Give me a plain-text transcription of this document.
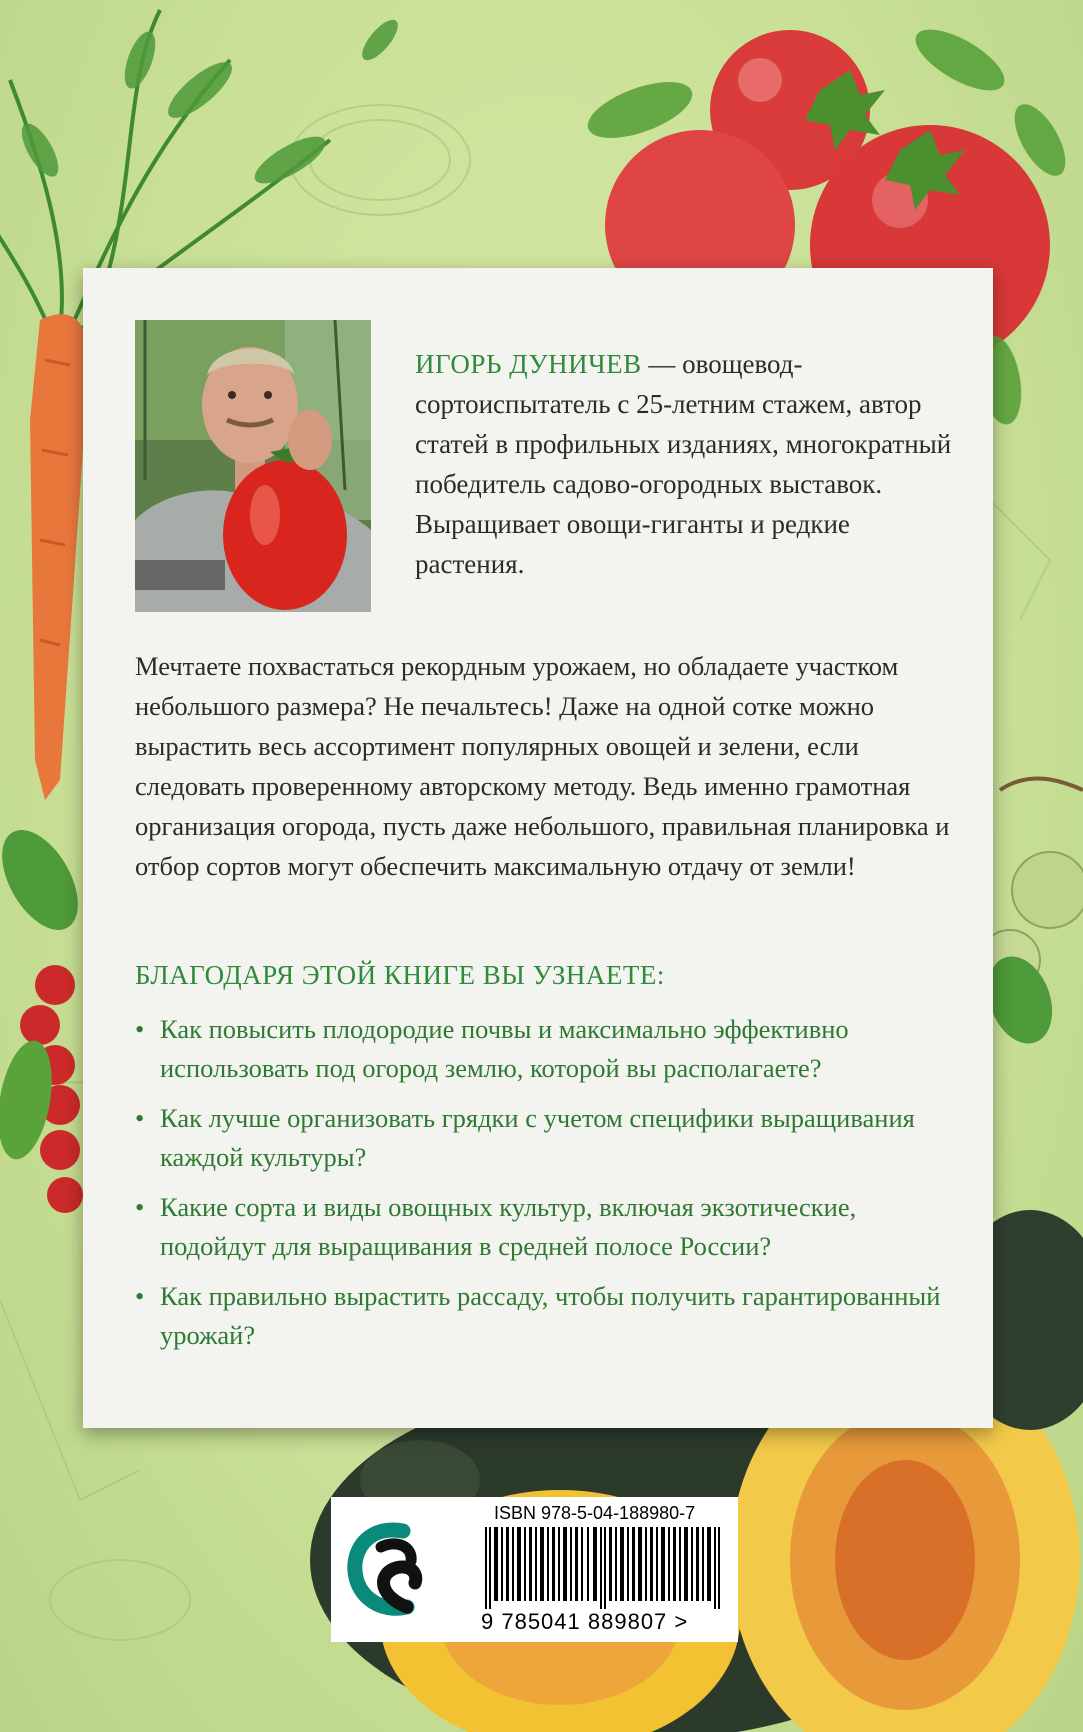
ИГОРЬ ДУНИЧЕВ — овощевод- сортоиспытатель с 25-летним стажем, автор статей в профильных изданиях, многократный победитель садово-огородных выставок. Выращивает овощи-гиганты и редкие растения.
Мечтаете похвастаться рекордным урожаем, но обладаете участком небольшого размера? Не печальтесь! Даже на одной сотке можно вырастить весь ассортимент популярных овощей и зелени, если следовать проверенному авторскому методу. Ведь именно грамотная организация огорода, пусть даже небольшого, правильная планировка и отбор сортов могут обеспечить максимальную отдачу от земли!
БЛАГОДАРЯ ЭТОЙ КНИГЕ ВЫ УЗНАЕТЕ:
• Как повысить плодородие почвы и максимально эффективно использовать под огород землю, которой вы располагаете?
• Как лучше организовать грядки с учетом специфики выращивания каждой культуры?
• Какие сорта и виды овощных культур, включая экзотические, подойдут для выращивания в средней полосе России?
• Как правильно вырастить рассаду, чтобы получить гарантированный урожай?
ISBN 978-5-04-188980-7
9 785041 889807 >
